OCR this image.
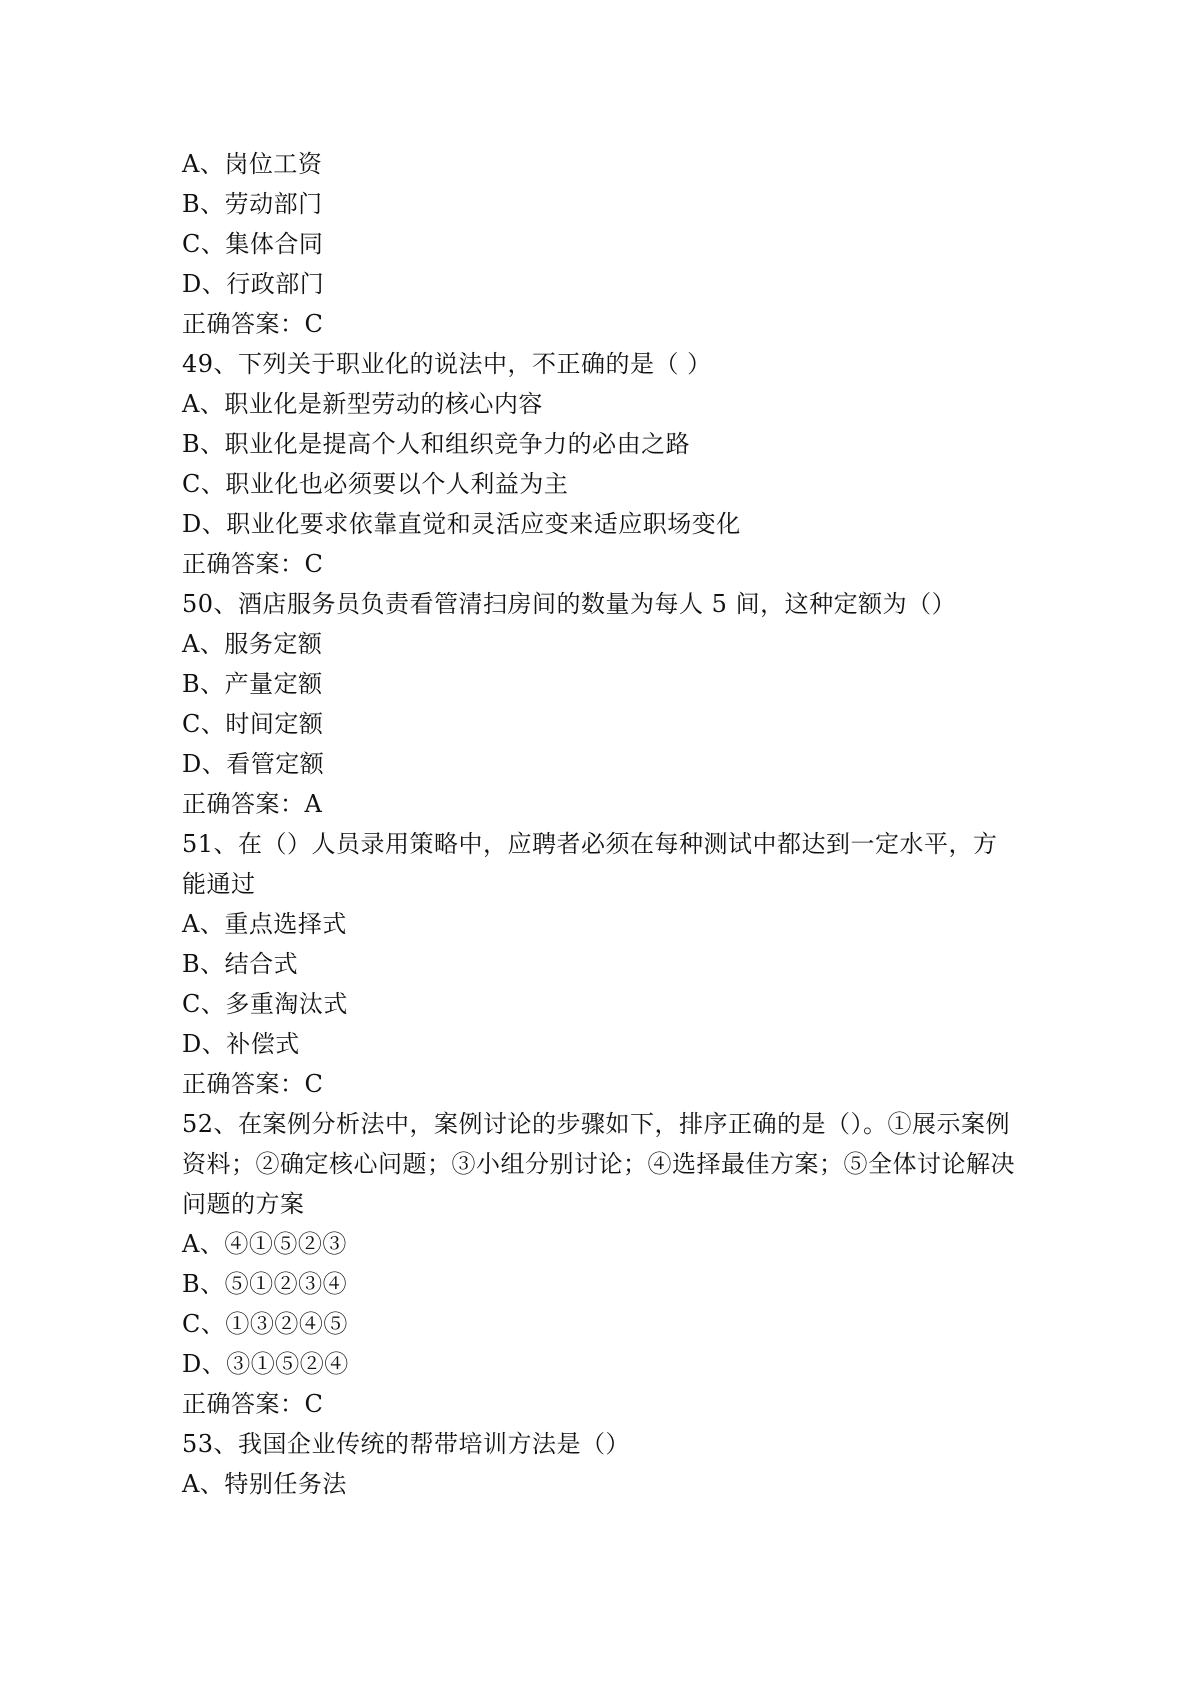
A、岗位工资

B、劳动部门

C、集体合同

D、行政部门

正确答案：C

49、下列关于职业化的说法中，不正确的是（ ）

A、职业化是新型劳动的核心内容

B、职业化是提高个人和组织竞争力的必由之路

C、职业化也必须要以个人利益为主

D、职业化要求依靠直觉和灵活应变来适应职场变化

正确答案：C

50、酒店服务员负责看管清扫房间的数量为每人 5 间，这种定额为（）

A、服务定额

B、产量定额

C、时间定额

D、看管定额

正确答案：A

51、在（）人员录用策略中，应聘者必须在每种测试中都达到一定水平，方能通过

A、重点选择式

B、结合式

C、多重淘汰式

D、补偿式

正确答案：C

52、在案例分析法中，案例讨论的步骤如下，排序正确的是（）。①展示案例资料；②确定核心问题；③小组分别讨论；④选择最佳方案；⑤全体讨论解决问题的方案

A、④①⑤②③

B、⑤①②③④

C、①③②④⑤

D、③①⑤②④

正确答案：C

53、我国企业传统的帮带培训方法是（）

A、特别任务法
